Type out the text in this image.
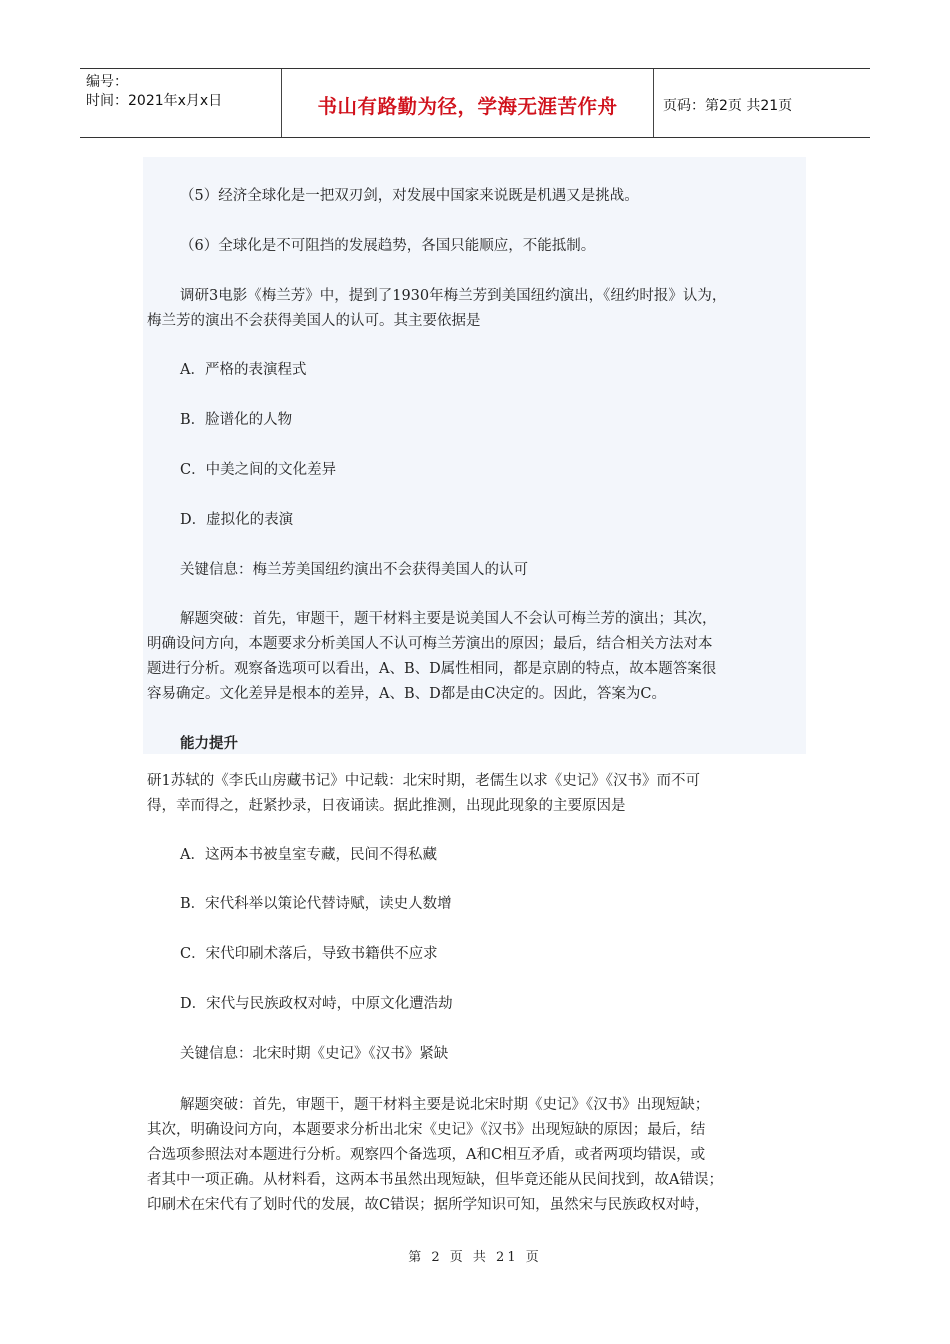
编号：
时间：2021年x月x日	书山有路勤为径，学海无涯苦作舟	页码：第2页 共21页
（5）经济全球化是一把双刃剑，对发展中国家来说既是机遇又是挑战。
（6）全球化是不可阻挡的发展趋势，各国只能顺应，不能抵制。
调研3电影《梅兰芳》中，提到了1930年梅兰芳到美国纽约演出，《纽约时报》认为，
梅兰芳的演出不会获得美国人的认可。其主要依据是
A．严格的表演程式
B．脸谱化的人物
C．中美之间的文化差异
D．虚拟化的表演
关键信息：梅兰芳美国纽约演出不会获得美国人的认可
解题突破：首先，审题干，题干材料主要是说美国人不会认可梅兰芳的演出；其次，
明确设问方向，本题要求分析美国人不认可梅兰芳演出的原因；最后，结合相关方法对本
题进行分析。观察备选项可以看出，A、B、D属性相同，都是京剧的特点，故本题答案很
容易确定。文化差异是根本的差异，A、B、D都是由C决定的。因此，答案为C。
能力提升
研1苏轼的《李氏山房藏书记》中记载：北宋时期，老儒生以求《史记》《汉书》而不可
得，幸而得之，赶紧抄录，日夜诵读。据此推测，出现此现象的主要原因是
A．这两本书被皇室专藏，民间不得私藏
B．宋代科举以策论代替诗赋，读史人数增
C．宋代印刷术落后，导致书籍供不应求
D．宋代与民族政权对峙，中原文化遭浩劫
关键信息：北宋时期《史记》《汉书》紧缺
解题突破：首先，审题干，题干材料主要是说北宋时期《史记》《汉书》出现短缺；
其次，明确设问方向，本题要求分析出北宋《史记》《汉书》出现短缺的原因；最后，结
合选项参照法对本题进行分析。观察四个备选项，A和C相互矛盾，或者两项均错误，或
者其中一项正确。从材料看，这两本书虽然出现短缺，但毕竟还能从民间找到，故A错误；
印刷术在宋代有了划时代的发展，故C错误；据所学知识可知，虽然宋与民族政权对峙，
第 2 页 共 21 页
